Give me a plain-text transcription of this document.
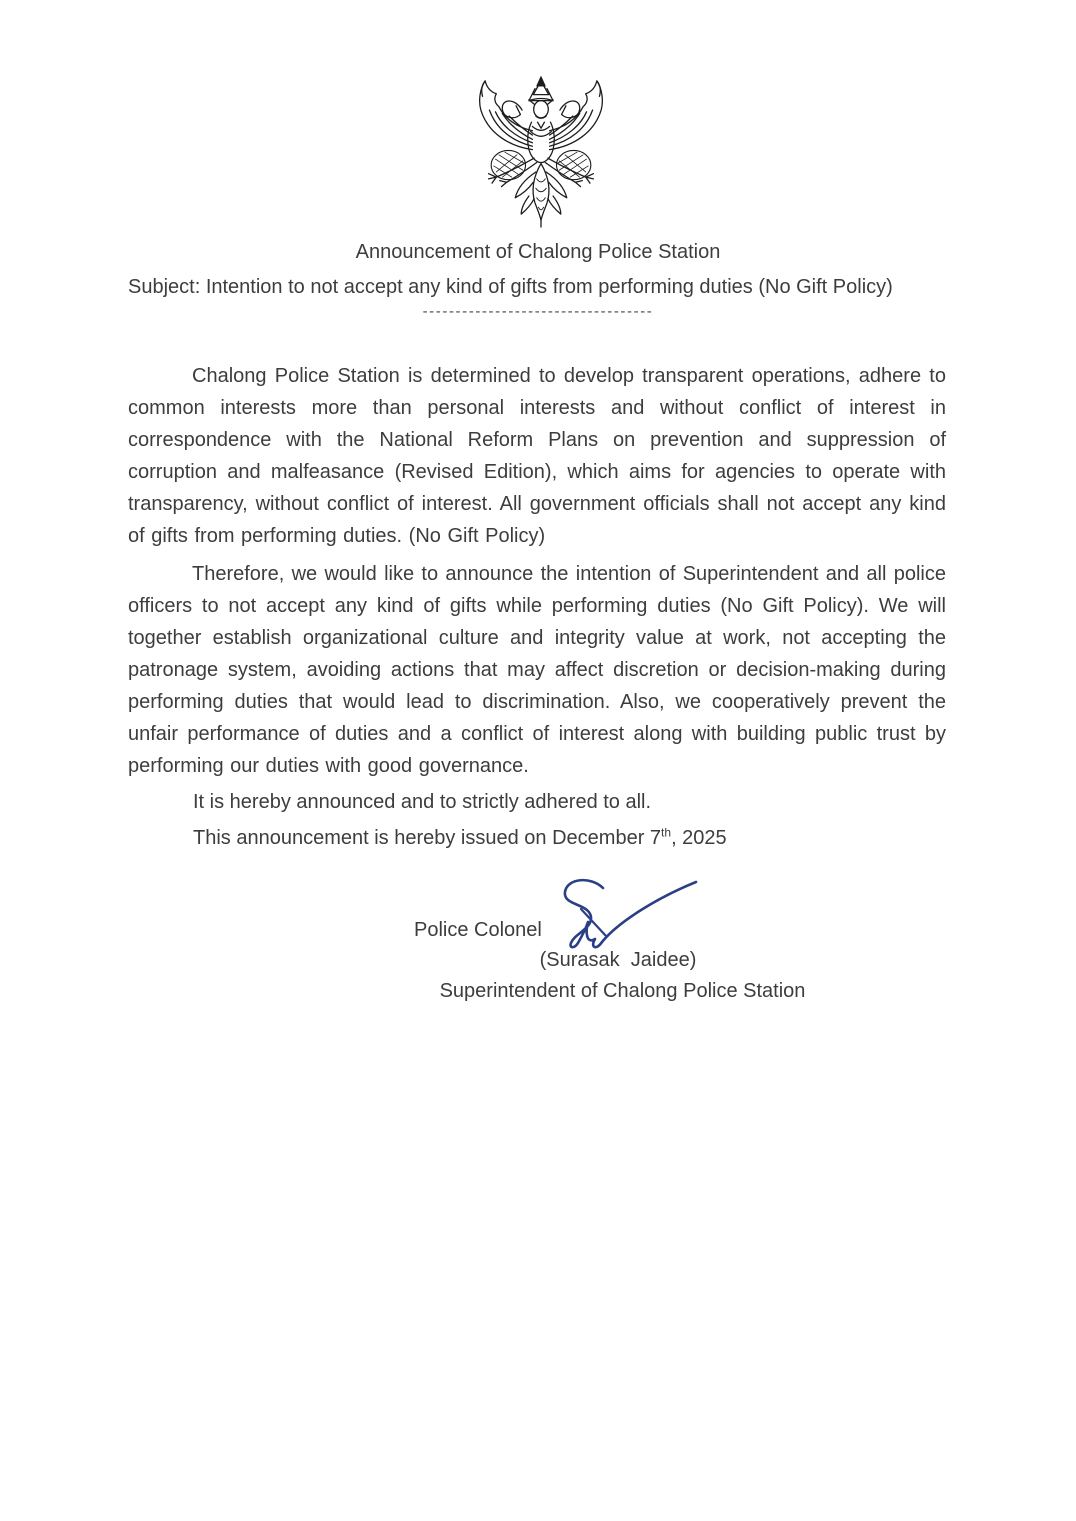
Announcement of Chalong Police Station
Subject: Intention to not accept any kind of gifts from performing duties (No Gift Policy)
-----------------------------------

Chalong Police Station is determined to develop transparent operations, adhere to common interests more than personal interests and without conflict of interest in correspondence with the National Reform Plans on prevention and suppression of corruption and malfeasance (Revised Edition), which aims for agencies to operate with transparency, without conflict of interest. All government officials shall not accept any kind of gifts from performing duties. (No Gift Policy)

Therefore, we would like to announce the intention of Superintendent and all police officers to not accept any kind of gifts while performing duties (No Gift Policy). We will together establish organizational culture and integrity value at work, not accepting the patronage system, avoiding actions that may affect discretion or decision-making during performing duties that would lead to discrimination. Also, we cooperatively prevent the unfair performance of duties and a conflict of interest along with building public trust by performing our duties with good governance.

It is hereby announced and to strictly adhered to all.

This announcement is hereby issued on December 7th, 2025

Police Colonel
(Surasak  Jaidee)
Superintendent of Chalong Police Station
